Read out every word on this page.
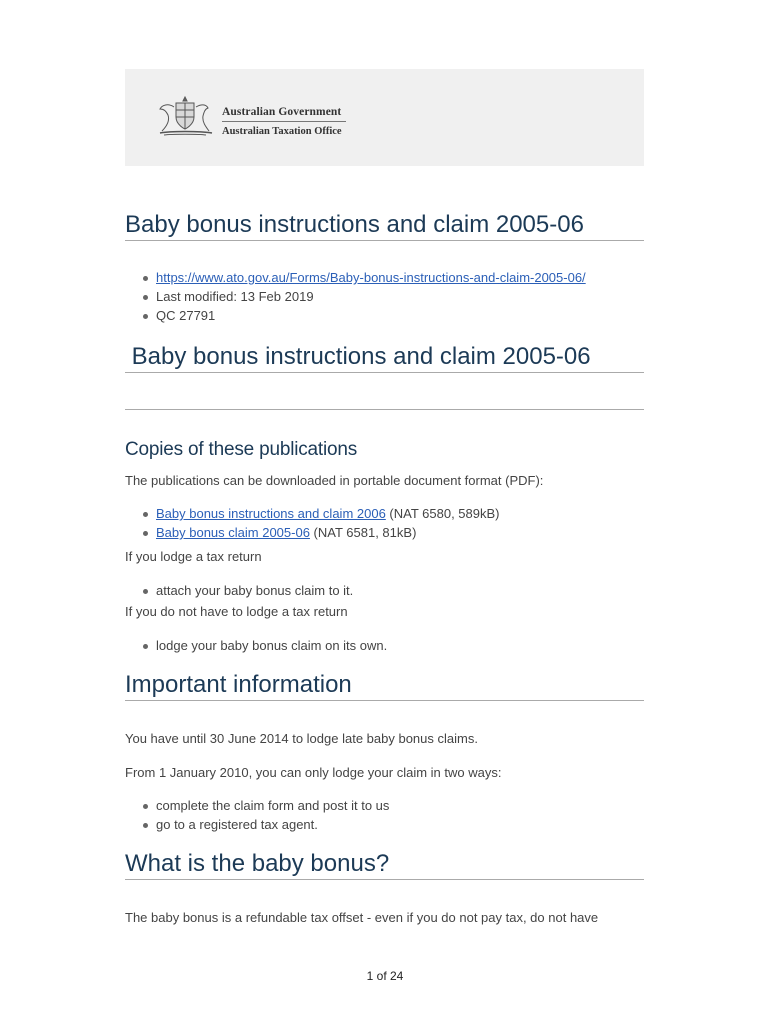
Australian Government
Australian Taxation Office
Baby bonus instructions and claim 2005-06
https://www.ato.gov.au/Forms/Baby-bonus-instructions-and-claim-2005-06/
Last modified: 13 Feb 2019
QC 27791
Baby bonus instructions and claim 2005-06
Copies of these publications

The publications can be downloaded in portable document format (PDF):

Baby bonus instructions and claim 2006 (NAT 6580, 589kB)
Baby bonus claim 2005-06 (NAT 6581, 81kB)

If you lodge a tax return

attach your baby bonus claim to it.

If you do not have to lodge a tax return

lodge your baby bonus claim on its own.
Important information

You have until 30 June 2014 to lodge late baby bonus claims.

From 1 January 2010, you can only lodge your claim in two ways:

complete the claim form and post it to us
go to a registered tax agent.
What is the baby bonus?

The baby bonus is a refundable tax offset - even if you do not pay tax, do not have

1 of 24
